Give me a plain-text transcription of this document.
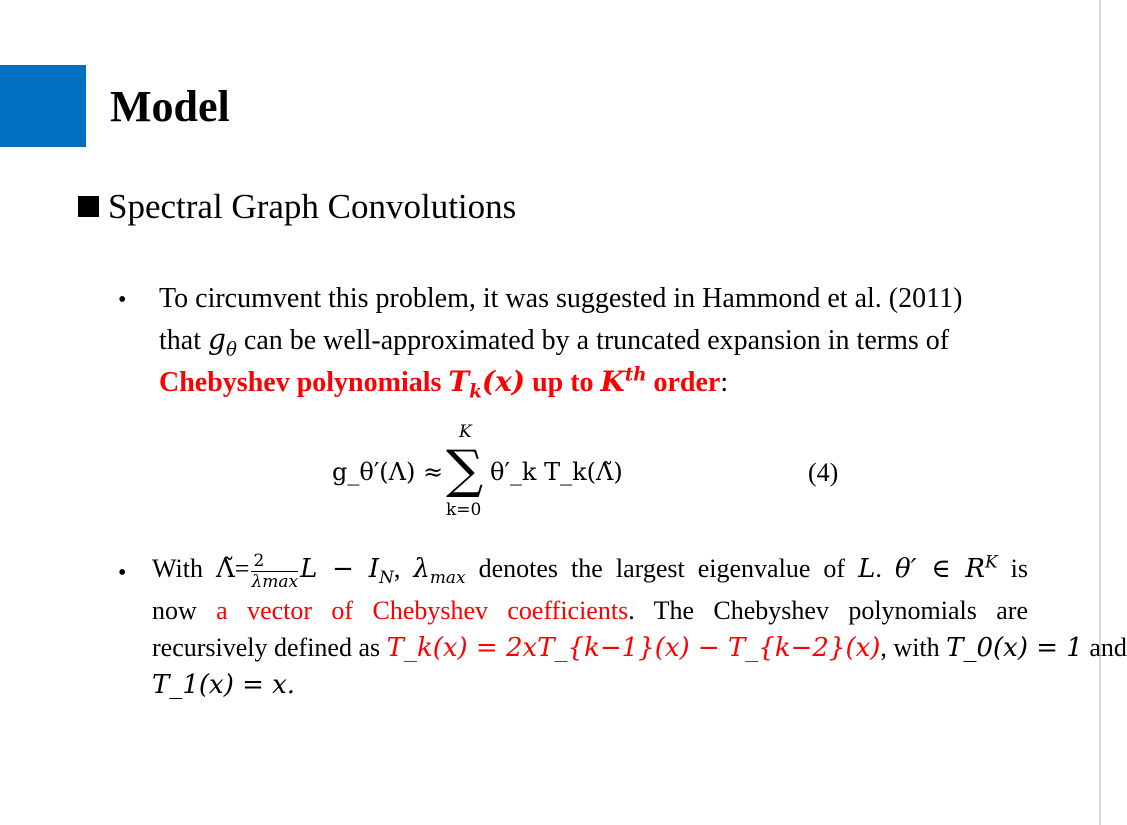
Model
Spectral Graph Convolutions
• To circumvent this problem, it was suggested in Hammond et al. (2011)
that $g_\theta$ can be well-approximated by a truncated expansion in terms of
Chebyshev polynomials $T_k(x)$ up to $K^{th}$ order:
g_θ′(Λ) ≈
K
∑
k=0
θ′_k T_k(Λ̃)	(4)
• With Λ̃= $\frac{2}{\lambda\max}$ $L - I_N$, $\lambda_{max}$ denotes the largest eigenvalue of L. θ′ ∈ $R^K$ is
now a vector of Chebyshev coefficients. The Chebyshev polynomials are
recursively defined as T_k(x) = 2xT_{k−1}(x) − T_{k−2}(x), with T_0(x) = 1 and
T_1(x) = x.
